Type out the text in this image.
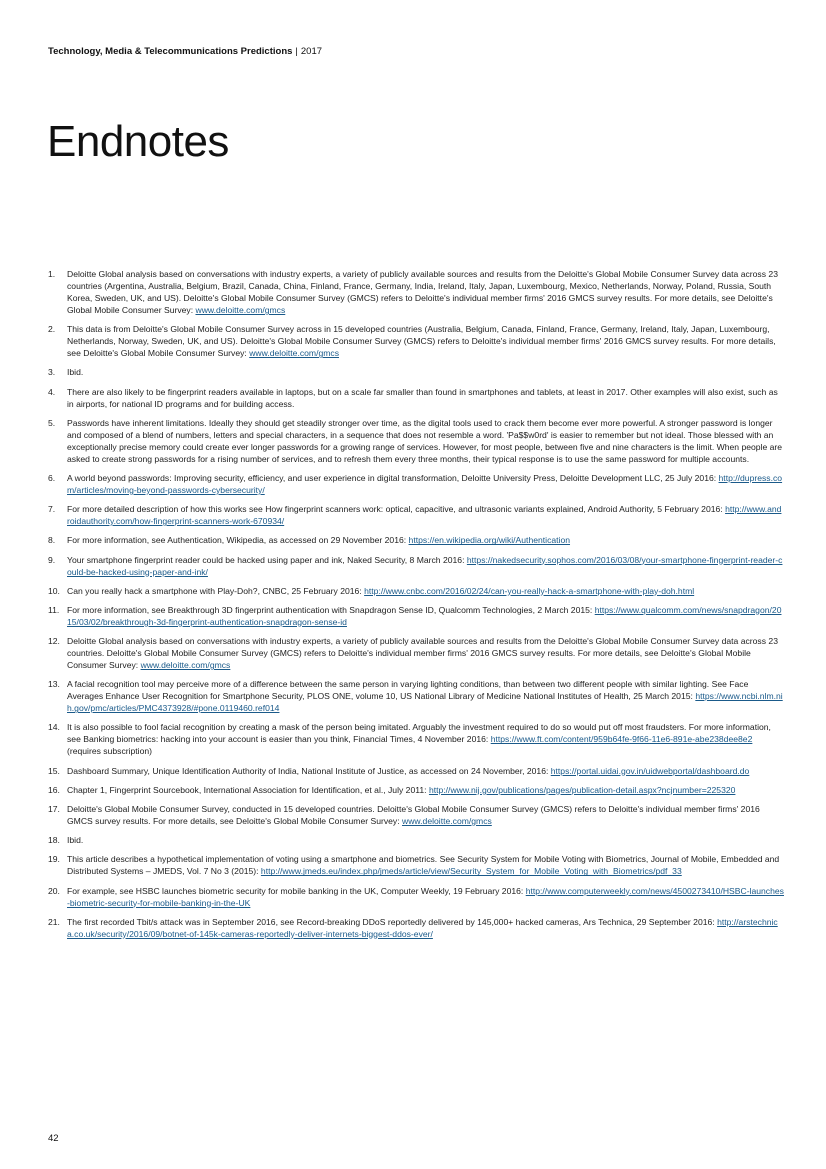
Technology, Media & Telecommunications Predictions | 2017
Endnotes
1.	Deloitte Global analysis based on conversations with industry experts, a variety of publicly available sources and results from the Deloitte's Global Mobile Consumer Survey data across 23 countries (Argentina, Australia, Belgium, Brazil, Canada, China, Finland, France, Germany, India, Ireland, Italy, Japan, Luxembourg, Mexico, Netherlands, Norway, Poland, Russia, South Korea, Sweden, UK, and US). Deloitte's Global Mobile Consumer Survey (GMCS) refers to Deloitte's individual member firms' 2016 GMCS survey results. For more details, see Deloitte's Global Mobile Consumer Survey: www.deloitte.com/gmcs
2.	This data is from Deloitte's Global Mobile Consumer Survey across in 15 developed countries (Australia, Belgium, Canada, Finland, France, Germany, Ireland, Italy, Japan, Luxembourg, Netherlands, Norway, Sweden, UK, and US). Deloitte's Global Mobile Consumer Survey (GMCS) refers to Deloitte's individual member firms' 2016 GMCS survey results. For more details, see Deloitte's Global Mobile Consumer Survey: www.deloitte.com/gmcs
3.	Ibid.
4.	There are also likely to be fingerprint readers available in laptops, but on a scale far smaller than found in smartphones and tablets, at least in 2017. Other examples will also exist, such as in airports, for national ID programs and for building access.
5.	Passwords have inherent limitations. Ideally they should get steadily stronger over time, as the digital tools used to crack them become ever more powerful. A stronger password is longer and composed of a blend of numbers, letters and special characters, in a sequence that does not resemble a word. 'Pa$$w0rd' is easier to remember but not ideal. Those blessed with an exceptionally precise memory could create ever longer passwords for a growing range of services. However, for most people, between five and nine characters is the limit. When people are asked to create strong passwords for a rising number of services, and to refresh them every three months, their typical response is to use the same password for multiple accounts.
6.	A world beyond passwords: Improving security, efficiency, and user experience in digital transformation, Deloitte University Press, Deloitte Development LLC, 25 July 2016: http://dupress.com/articles/moving-beyond-passwords-cybersecurity/
7.	For more detailed description of how this works see How fingerprint scanners work: optical, capacitive, and ultrasonic variants explained, Android Authority, 5 February 2016: http://www.androidauthority.com/how-fingerprint-scanners-work-670934/
8.	For more information, see Authentication, Wikipedia, as accessed on 29 November 2016: https://en.wikipedia.org/wiki/Authentication
9.	Your smartphone fingerprint reader could be hacked using paper and ink, Naked Security, 8 March 2016: https://nakedsecurity.sophos.com/2016/03/08/your-smartphone-fingerprint-reader-could-be-hacked-using-paper-and-ink/
10. Can you really hack a smartphone with Play-Doh?, CNBC, 25 February 2016: http://www.cnbc.com/2016/02/24/can-you-really-hack-a-smartphone-with-play-doh.html
11. For more information, see Breakthrough 3D fingerprint authentication with Snapdragon Sense ID, Qualcomm Technologies, 2 March 2015: https://www.qualcomm.com/news/snapdragon/2015/03/02/breakthrough-3d-fingerprint-authentication-snapdragon-sense-id
12. Deloitte Global analysis based on conversations with industry experts, a variety of publicly available sources and results from the Deloitte's Global Mobile Consumer Survey data across 23 countries. Deloitte's Global Mobile Consumer Survey (GMCS) refers to Deloitte's individual member firms' 2016 GMCS survey results. For more details, see Deloitte's Global Mobile Consumer Survey: www.deloitte.com/gmcs
13. A facial recognition tool may perceive more of a difference between the same person in varying lighting conditions, than between two different people with similar lighting. See Face Averages Enhance User Recognition for Smartphone Security, PLOS ONE, volume 10, US National Library of Medicine National Institutes of Health, 25 March 2015: https://www.ncbi.nlm.nih.gov/pmc/articles/PMC4373928/#pone.0119460.ref014
14. It is also possible to fool facial recognition by creating a mask of the person being imitated. Arguably the investment required to do so would put off most fraudsters. For more information, see Banking biometrics: hacking into your account is easier than you think, Financial Times, 4 November 2016: https://www.ft.com/content/959b64fe-9f66-11e6-891e-abe238dee8e2 (requires subscription)
15. Dashboard Summary, Unique Identification Authority of India, National Institute of Justice, as accessed on 24 November, 2016: https://portal.uidai.gov.in/uidwebportal/dashboard.do
16. Chapter 1, Fingerprint Sourcebook, International Association for Identification, et al., July 2011: http://www.nij.gov/publications/pages/publication-detail.aspx?ncjnumber=225320
17. Deloitte's Global Mobile Consumer Survey, conducted in 15 developed countries. Deloitte's Global Mobile Consumer Survey (GMCS) refers to Deloitte's individual member firms' 2016 GMCS survey results. For more details, see Deloitte's Global Mobile Consumer Survey: www.deloitte.com/gmcs
18. Ibid.
19. This article describes a hypothetical implementation of voting using a smartphone and biometrics. See Security System for Mobile Voting with Biometrics, Journal of Mobile, Embedded and Distributed Systems – JMEDS, Vol. 7 No 3 (2015): http://www.jmeds.eu/index.php/jmeds/article/view/Security_System_for_Mobile_Voting_with_Biometrics/pdf_33
20. For example, see HSBC launches biometric security for mobile banking in the UK, Computer Weekly, 19 February 2016: http://www.computerweekly.com/news/4500273410/HSBC-launches-biometric-security-for-mobile-banking-in-the-UK
21. The first recorded Tbit/s attack was in September 2016, see Record-breaking DDoS reportedly delivered by 145,000+ hacked cameras, Ars Technica, 29 September 2016: http://arstechnica.co.uk/security/2016/09/botnet-of-145k-cameras-reportedly-deliver-internets-biggest-ddos-ever/
42
